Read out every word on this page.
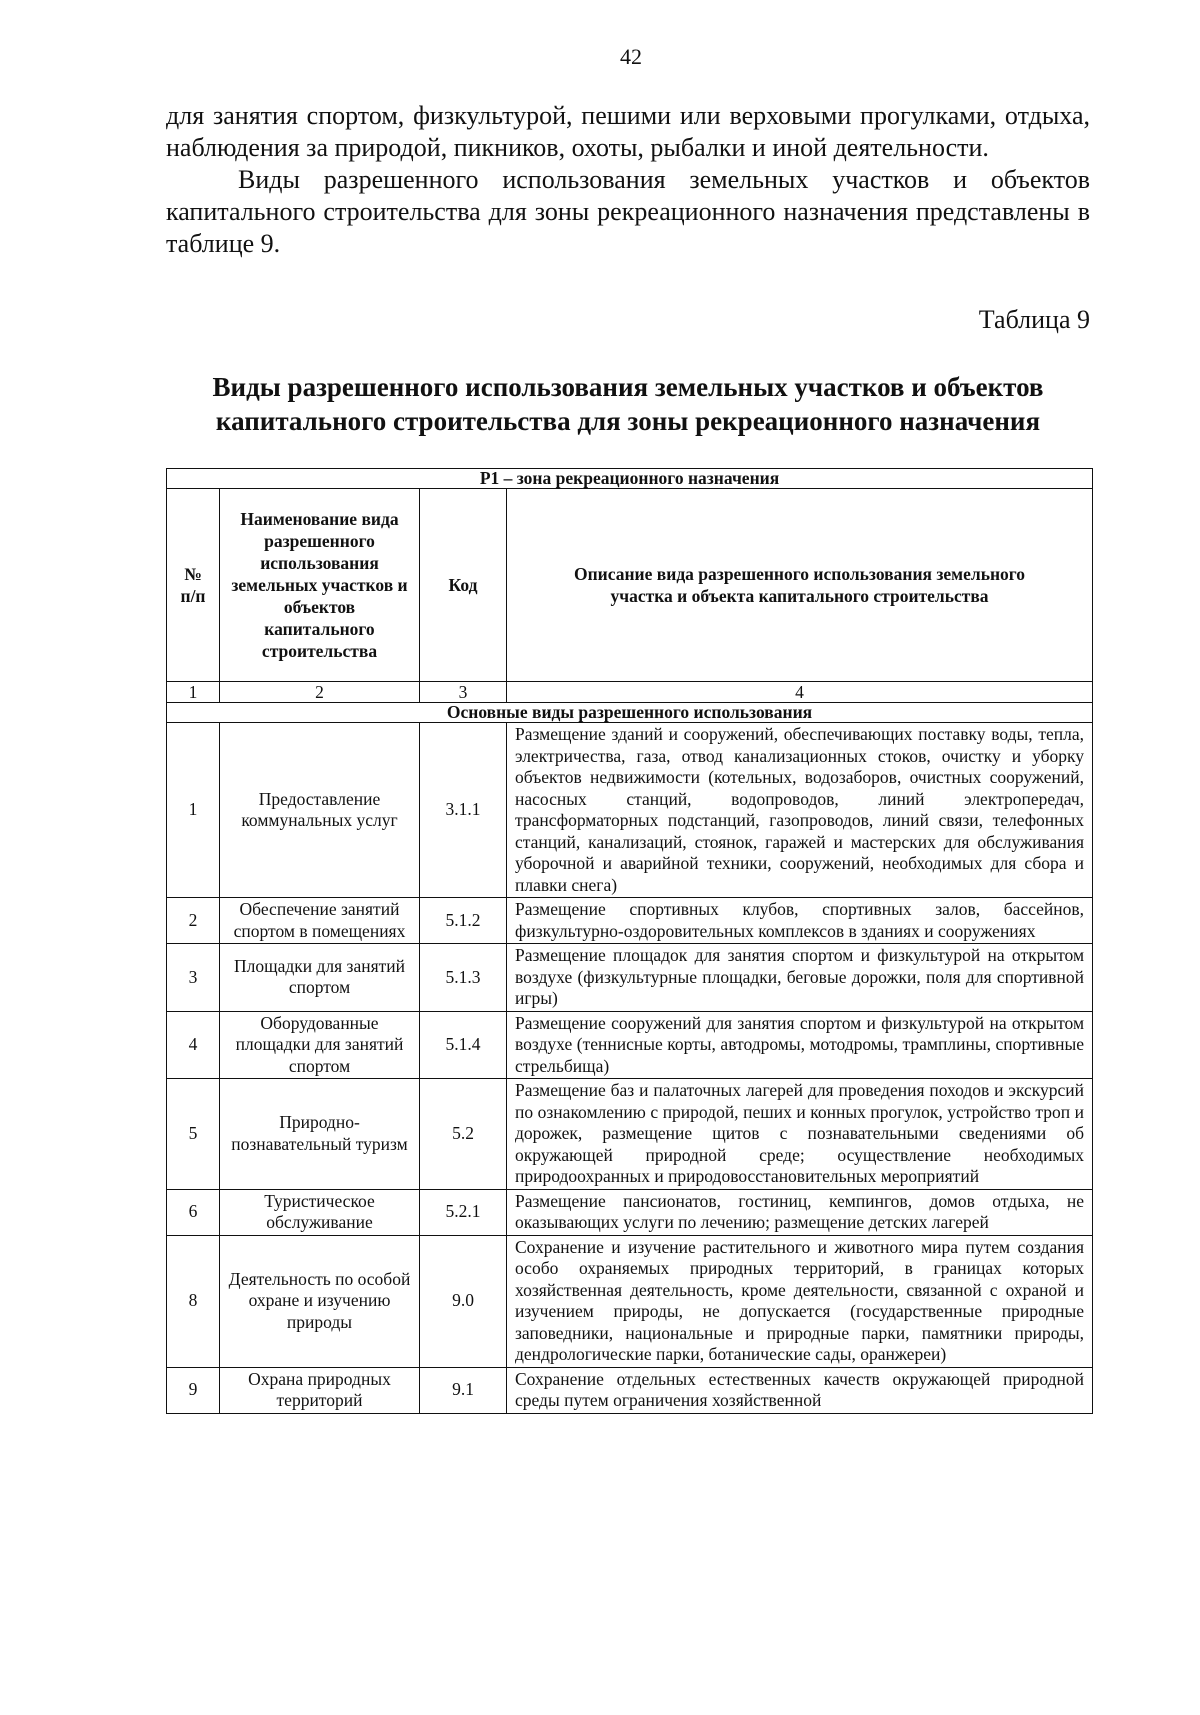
42
для занятия спортом, физкультурой, пешими или верховыми прогулками, отдыха, наблюдения за природой, пикников, охоты, рыбалки и иной деятельности.
Виды разрешенного использования земельных участков и объектов капитального строительства для зоны рекреационного назначения представлены в таблице 9.
Таблица 9
Виды разрешенного использования земельных участков и объектов
капитального строительства для зоны рекреационного назначения
Р1 – зона рекреационного назначения			
№ п/п	Наименование вида разрешенного использования земельных участков и объектов капитального строительства	Код	Описание вида разрешенного использования земельного участка и объекта капитального строительства
1	2	3	4
Основные виды разрешенного использования			
1	Предоставление коммунальных услуг	3.1.1	Размещение зданий и сооружений, обеспечивающих поставку воды, тепла, электричества, газа, отвод канализационных стоков, очистку и уборку объектов недвижимости (котельных, водозаборов, очистных сооружений, насосных станций, водопроводов, линий электропередач, трансформаторных подстанций, газопроводов, линий связи, телефонных станций, канализаций, стоянок, гаражей и мастерских для обслуживания уборочной и аварийной техники, сооружений, необходимых для сбора и плавки снега)
2	Обеспечение занятий спортом в помещениях	5.1.2	Размещение спортивных клубов, спортивных залов, бассейнов, физкультурно-оздоровительных комплексов в зданиях и сооружениях
3	Площадки для занятий спортом	5.1.3	Размещение площадок для занятия спортом и физкультурой на открытом воздухе (физкультурные площадки, беговые дорожки, поля для спортивной игры)
4	Оборудованные площадки для занятий спортом	5.1.4	Размещение сооружений для занятия спортом и физкультурой на открытом воздухе (теннисные корты, автодромы, мотодромы, трамплины, спортивные стрельбища)
5	Природно-познавательный туризм	5.2	Размещение баз и палаточных лагерей для проведения походов и экскурсий по ознакомлению с природой, пеших и конных прогулок, устройство троп и дорожек, размещение щитов с познавательными сведениями об окружающей природной среде; осуществление необходимых природоохранных и природовосстановительных мероприятий
6	Туристическое обслуживание	5.2.1	Размещение пансионатов, гостиниц, кемпингов, домов отдыха, не оказывающих услуги по лечению; размещение детских лагерей
8	Деятельность по особой охране и изучению природы	9.0	Сохранение и изучение растительного и животного мира путем создания особо охраняемых природных территорий, в границах которых хозяйственная деятельность, кроме деятельности, связанной с охраной и изучением природы, не допускается (государственные природные заповедники, национальные и природные парки, памятники природы, дендрологические парки, ботанические сады, оранжереи)
9	Охрана природных территорий	9.1	Сохранение отдельных естественных качеств окружающей природной среды путем ограничения хозяйственной
